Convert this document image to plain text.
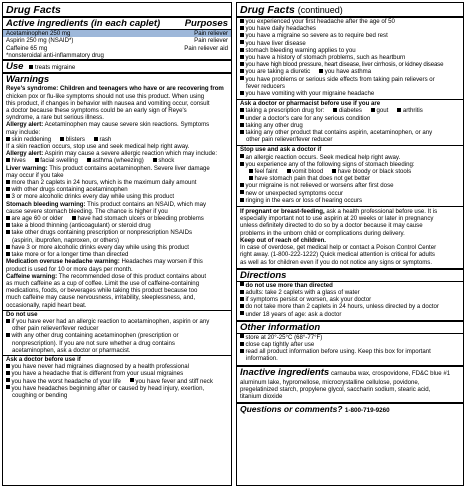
Drug Facts
Active ingredients (in each caplet)	Purposes
Acetaminophen 250 mg	Pain reliever
Aspirin 250 mg (NSAID*)	Pain reliever
Caffeine 65 mg	Pain reliever aid
*nonsteroidal anti-inflammatory drug
Use	treats migraine
Warnings
Reye's syndrome: Children and teenagers who have or are recovering from
chicken pox or flu-like symptoms should not use this product. When using
this product, if changes in behavior with nausea and vomiting occur, consult
a doctor because these symptoms could be an early sign of Reye's
syndrome, a rare but serious illness.
Allergy alert: Acetaminophen may cause severe skin reactions. Symptoms
may include:
skin reddening	blisters	rash
If a skin reaction occurs, stop use and seek medical help right away.
Allergy alert: Aspirin may cause a severe allergic reaction which may include:
hives	facial swelling	asthma (wheezing)	shock
Liver warning: This product contains acetaminophen. Severe liver damage
may occur if you take
more than 2 caplets in 24 hours, which is the maximum daily amount
with other drugs containing acetaminophen
3 or more alcoholic drinks every day while using this product
Stomach bleeding warning: This product contains an NSAID, which may
cause severe stomach bleeding. The chance is higher if you
are age 60 or older	have had stomach ulcers or bleeding problems
take a blood thinning (anticoagulant) or steroid drug
take other drugs containing prescription or nonprescription NSAIDs
(aspirin, ibuprofen, naproxen, or others)
have 3 or more alcoholic drinks every day while using this product
take more or for a longer time than directed
Medication overuse headache warning: Headaches may worsen if this
product is used for 10 or more days per month.
Caffeine warning: The recommended dose of this product contains about
as much caffeine as a cup of coffee. Limit the use of caffeine-containing
medications, foods, or beverages while taking this product because too
much caffeine may cause nervousness, irritability, sleeplessness, and,
occasionally, rapid heart beat.
Do not use
if you have ever had an allergic reaction to acetaminophen, aspirin or any
other pain reliever/fever reducer
with any other drug containing acetaminophen (prescription or
nonprescription). If you are not sure whether a drug contains
acetaminophen, ask a doctor or pharmacist.
Ask a doctor before use if
you have never had migraines diagnosed by a health professional
you have a headache that is different from your usual migraines
you have the worst headache of your life	you have fever and stiff neck
you have headaches beginning after or caused by head injury, exertion,
coughing or bending
Drug Facts (continued)
you experienced your first headache after the age of 50
you have daily headaches
you have a migraine so severe as to require bed rest
you have liver disease
stomach bleeding warning applies to you
you have a history of stomach problems, such as heartburn
you have high blood pressure, heart disease, liver cirrhosis, or kidney disease
you are taking a diuretic	you have asthma
you have problems or serious side effects from taking pain relievers or
fever reducers
you have vomiting with your migraine headache
Ask a doctor or pharmacist before use if you are
taking a prescription drug for:	diabetes	gout	arthritis
under a doctor's care for any serious condition
taking any other drug
taking any other product that contains aspirin, acetaminophen, or any
other pain reliever/fever reducer
Stop use and ask a doctor if
an allergic reaction occurs. Seek medical help right away.
you experience any of the following signs of stomach bleeding:
feel faint	vomit blood	have bloody or black stools
have stomach pain that does not get better
your migraine is not relieved or worsens after first dose
new or unexpected symptoms occur
ringing in the ears or loss of hearing occurs
If pregnant or breast-feeding, ask a health professional before use. It is
especially important not to use aspirin at 20 weeks or later in pregnancy
unless definitely directed to do so by a doctor because it may cause
problems in the unborn child or complications during delivery.
Keep out of reach of children.
In case of overdose, get medical help or contact a Poison Control Center
right away. (1-800-222-1222) Quick medical attention is critical for adults
as well as for children even if you do not notice any signs or symptoms.
Directions
do not use more than directed
adults: take 2 caplets with a glass of water
if symptoms persist or worsen, ask your doctor
do not take more than 2 caplets in 24 hours, unless directed by a doctor
under 18 years of age: ask a doctor
Other information
store at 20°-25°C (68°-77°F)
close cap tightly after use
read all product information before using. Keep this box for important
information.
Inactive ingredients carnauba wax, crospovidone, FD&C blue #1
aluminum lake, hypromellose, microcrystalline cellulose, povidone,
pregelatinized starch, propylene glycol, saccharin sodium, stearic acid,
titanium dioxide
Questions or comments? 1-800-719-9260
